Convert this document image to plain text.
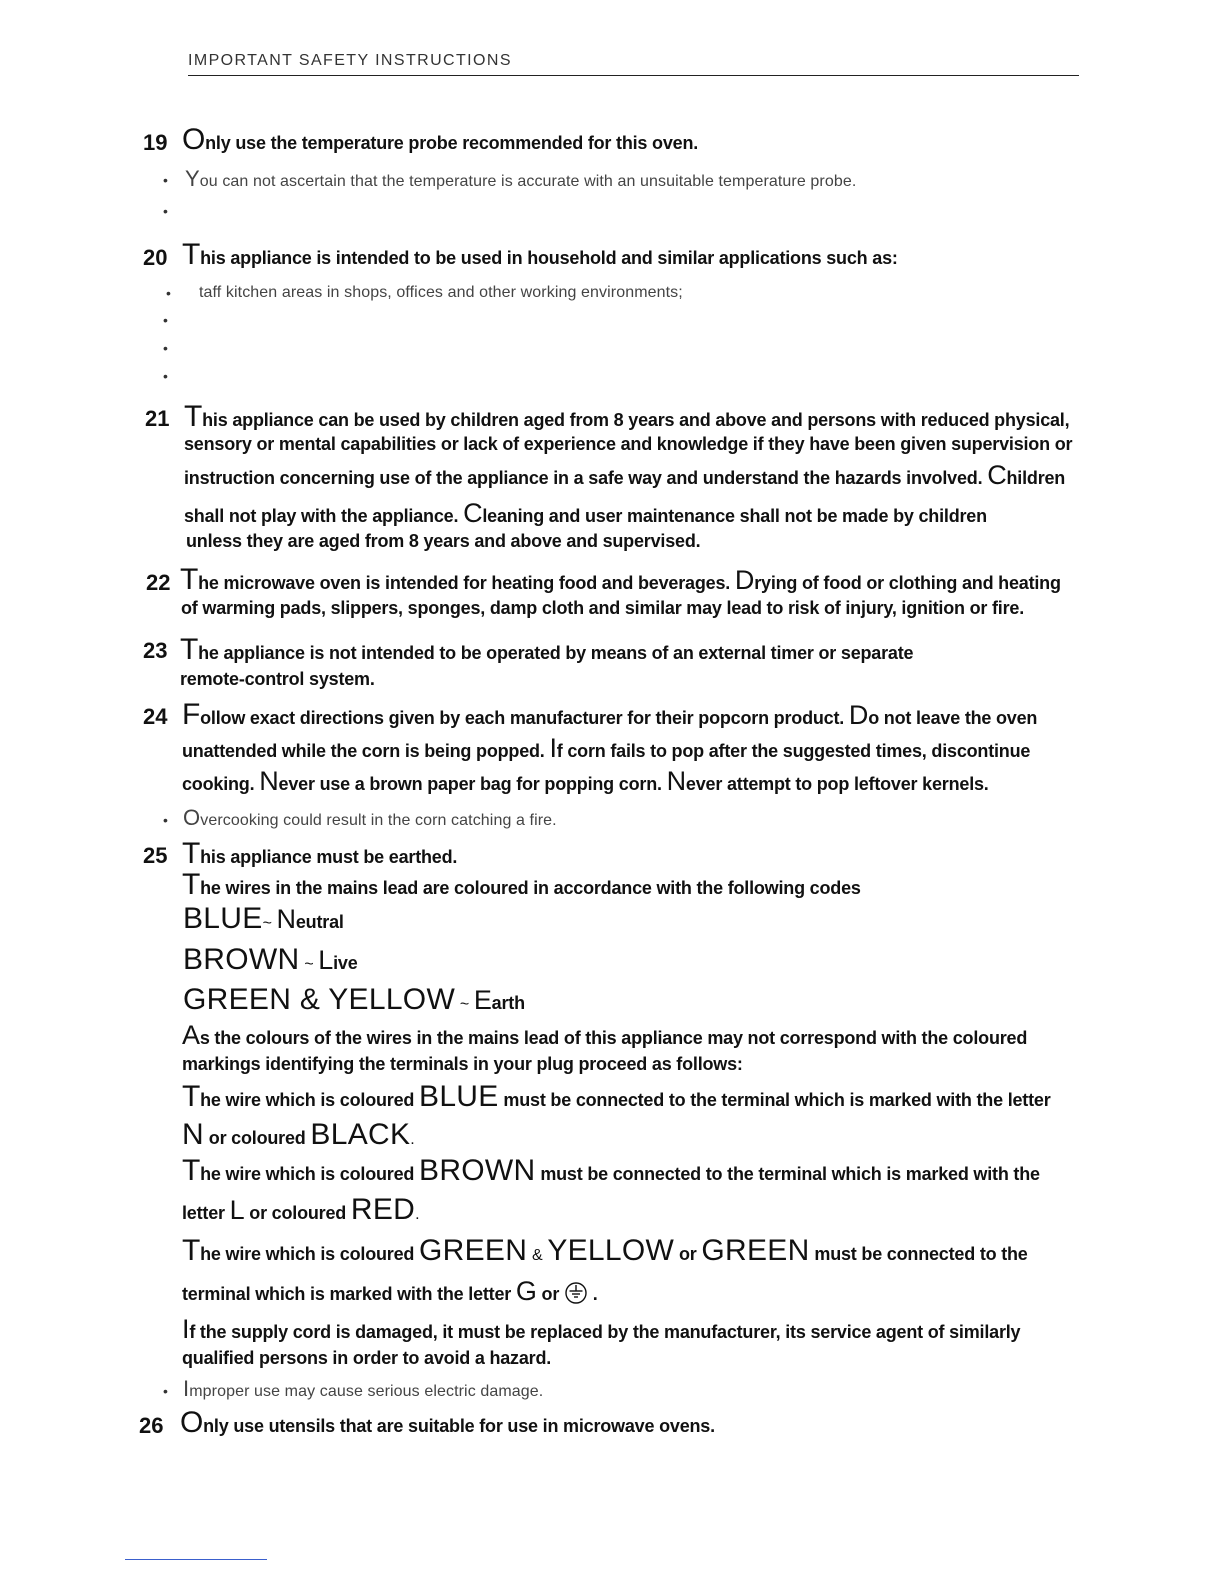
IMPORTANT SAFETY INSTRUCTIONS
19 Only use the temperature probe recommended for this oven.
• You can not ascertain that the temperature is accurate with an unsuitable temperature probe.
•
20 This appliance is intended to be used in household and similar applications such as:
• taff kitchen areas in shops, offices and other working environments;
•
•
•
21 This appliance can be used by children aged from 8 years and above and persons with reduced physical,
sensory or mental capabilities or lack of experience and knowledge if they have been given supervision or
instruction concerning use of the appliance in a safe way and understand the hazards involved. Children
shall not play with the appliance. Cleaning and user maintenance shall not be made by children
unless they are aged from 8 years and above and supervised.
22 The microwave oven is intended for heating food and beverages. Drying of food or clothing and heating
of warming pads, slippers, sponges, damp cloth and similar may lead to risk of injury, ignition or fire.
23 The appliance is not intended to be operated by means of an external timer or separate
remote-control system.
24 Follow exact directions given by each manufacturer for their popcorn product. Do not leave the oven
unattended while the corn is being popped. If corn fails to pop after the suggested times, discontinue
cooking. Never use a brown paper bag for popping corn. Never attempt to pop leftover kernels.
• Overcooking could result in the corn catching a fire.
25 This appliance must be earthed.
The wires in the mains lead are coloured in accordance with the following codes
BLUE~ Neutral
BROWN ~ Live
GREEN & YELLOW ~ Earth
As the colours of the wires in the mains lead of this appliance may not correspond with the coloured
markings identifying the terminals in your plug proceed as follows:
The wire which is coloured BLUE must be connected to the terminal which is marked with the letter
N or coloured BLACK.
The wire which is coloured BROWN must be connected to the terminal which is marked with the
letter L or coloured RED.
The wire which is coloured GREEN & YELLOW or GREEN must be connected to the
terminal which is marked with the letter G or .
If the supply cord is damaged, it must be replaced by the manufacturer, its service agent of similarly
qualified persons in order to avoid a hazard.
• Improper use may cause serious electric damage.
26 Only use utensils that are suitable for use in microwave ovens.
